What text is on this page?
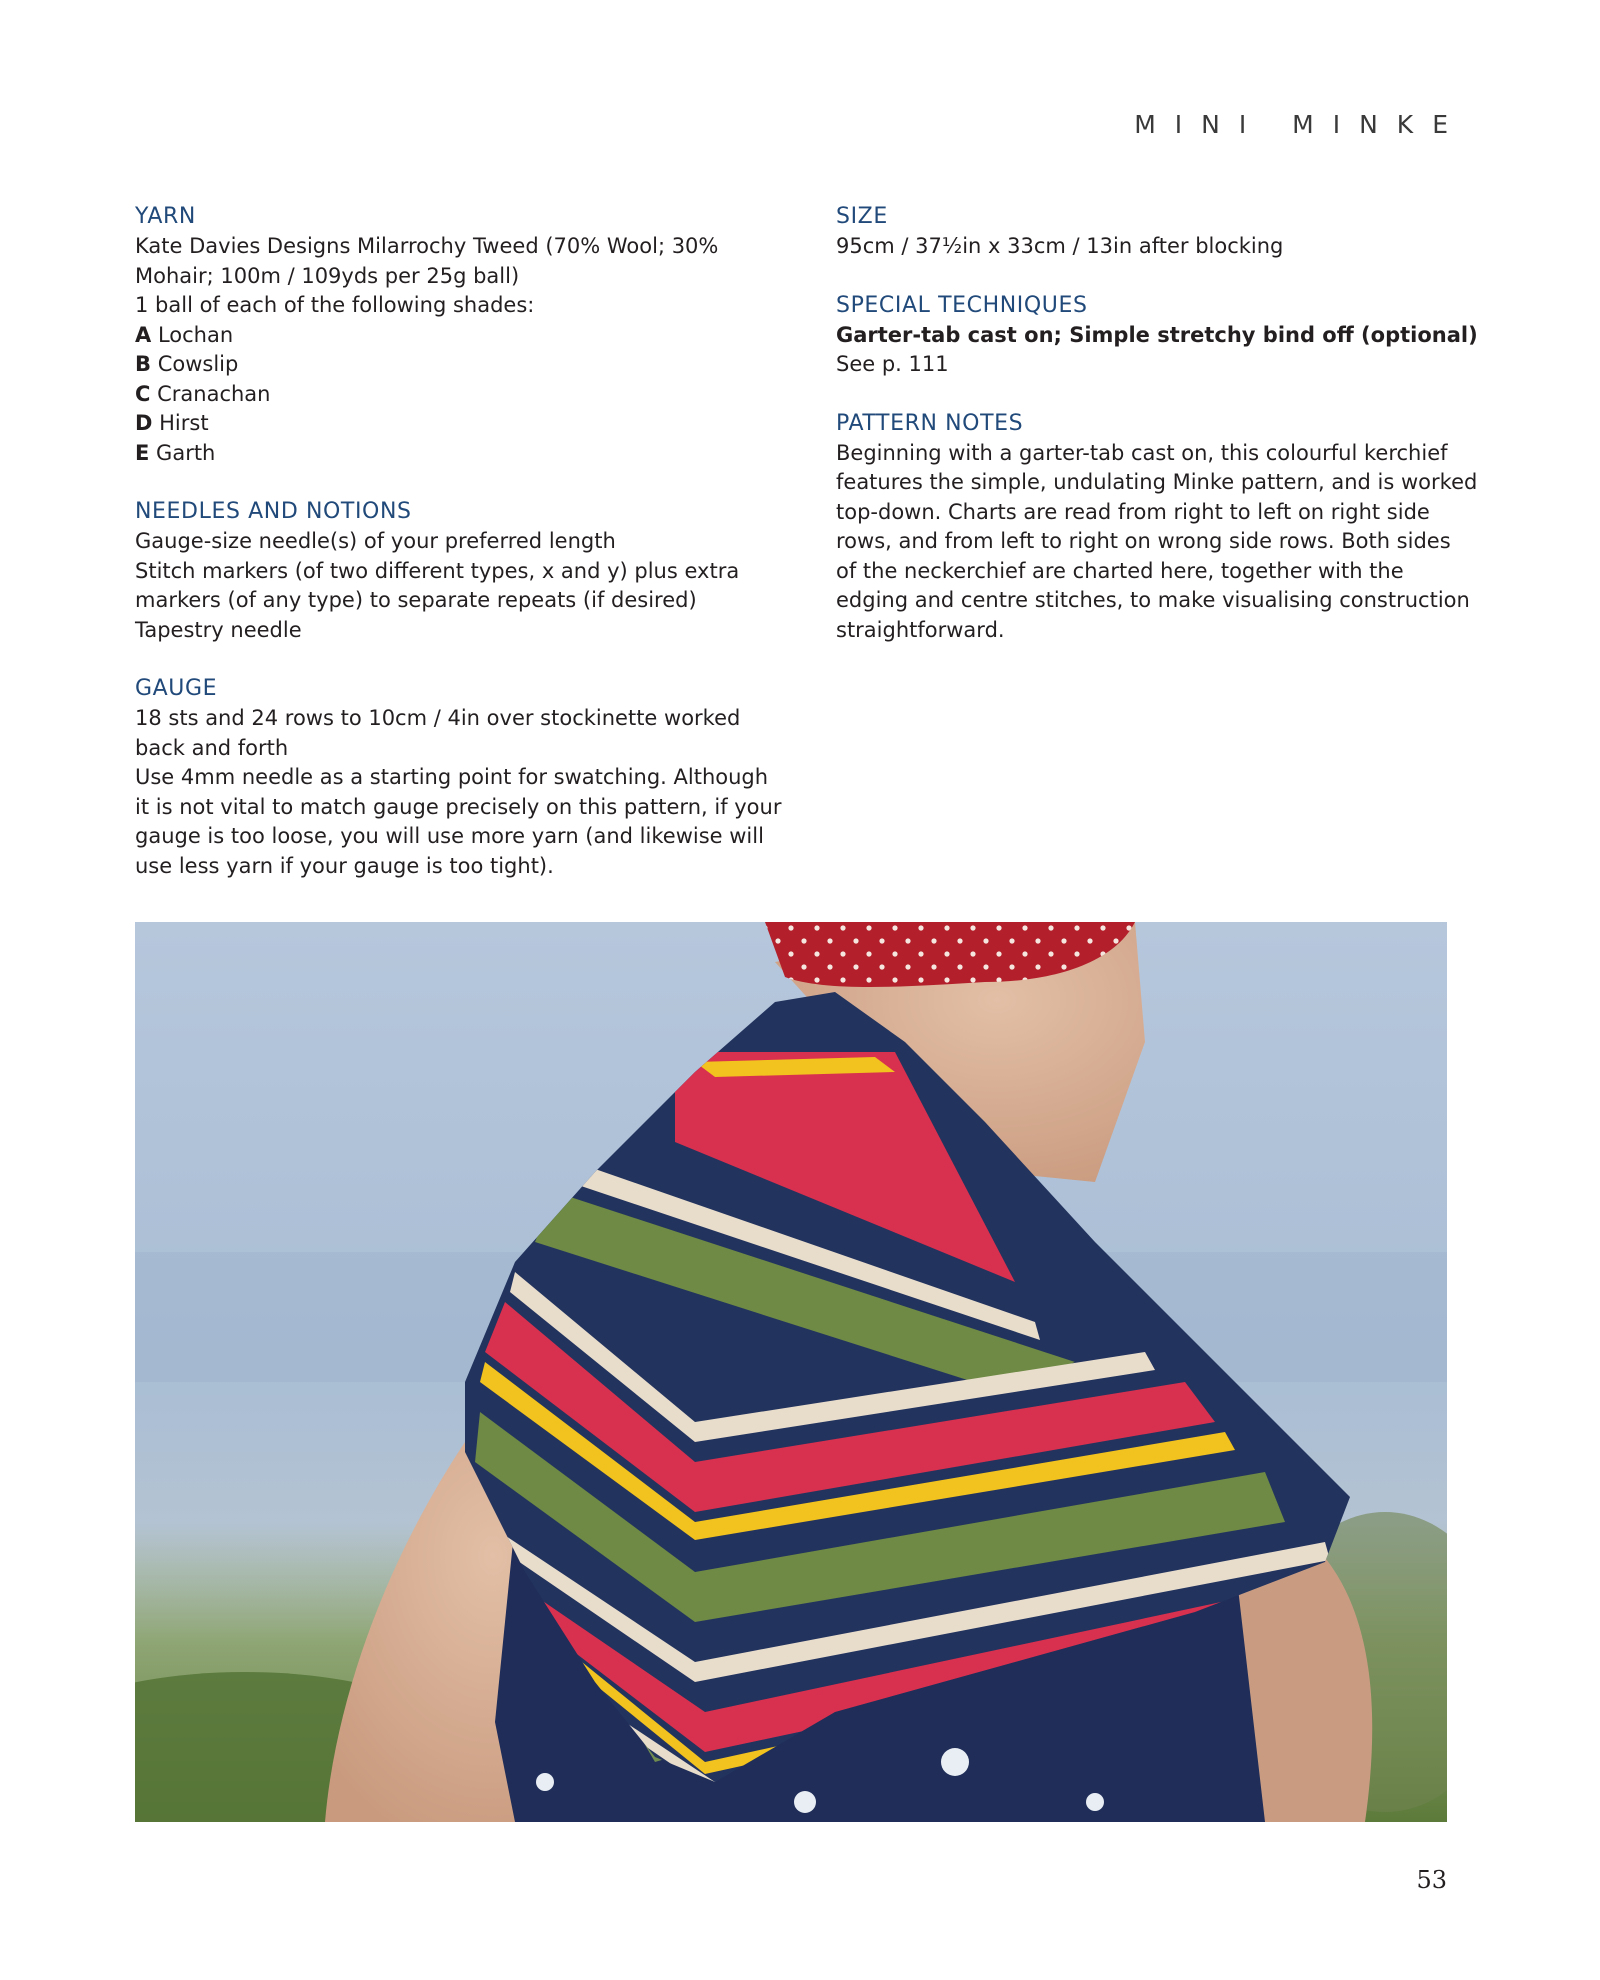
MINI MINKE
YARN
Kate Davies Designs Milarrochy Tweed (70% Wool; 30%
Mohair; 100m / 109yds per 25g ball)
1 ball of each of the following shades:
A Lochan
B Cowslip
C Cranachan
D Hirst
E Garth
NEEDLES AND NOTIONS
Gauge-size needle(s) of your preferred length
Stitch markers (of two different types, x and y) plus extra
markers (of any type) to separate repeats (if desired)
Tapestry needle
GAUGE
18 sts and 24 rows to 10cm / 4in over stockinette worked
back and forth
Use 4mm needle as a starting point for swatching. Although
it is not vital to match gauge precisely on this pattern, if your
gauge is too loose, you will use more yarn (and likewise will
use less yarn if your gauge is too tight).
SIZE
95cm / 37½in x 33cm / 13in after blocking
SPECIAL TECHNIQUES
Garter-tab cast on; Simple stretchy bind off (optional)
See p. 111
PATTERN NOTES
Beginning with a garter-tab cast on, this colourful kerchief
features the simple, undulating Minke pattern, and is worked
top-down. Charts are read from right to left on right side
rows, and from left to right on wrong side rows. Both sides
of the neckerchief are charted here, together with the
edging and centre stitches, to make visualising construction
straightforward.
53
